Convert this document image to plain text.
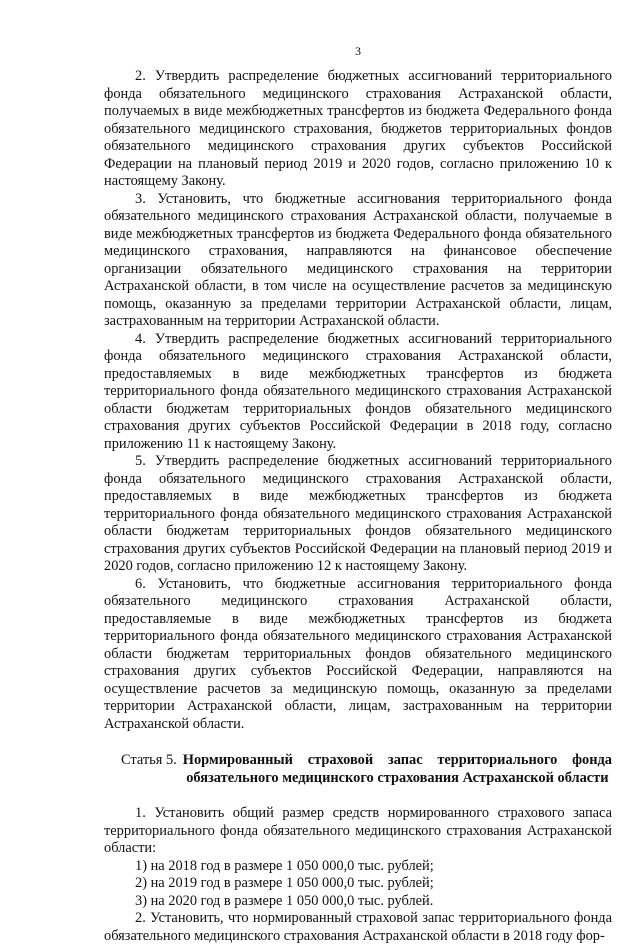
3

2. Утвердить распределение бюджетных ассигнований территориального фонда обязательного медицинского страхования Астраханской области, получаемых в виде межбюджетных трансфертов из бюджета Федерального фонда обязательного медицинского страхования, бюджетов территориальных фондов обязательного медицинского страхования других субъектов Российской Федерации на плановый период 2019 и 2020 годов, согласно приложению 10 к настоящему Закону.

3. Установить, что бюджетные ассигнования территориального фонда обязательного медицинского страхования Астраханской области, получаемые в виде межбюджетных трансфертов из бюджета Федерального фонда обязательного медицинского страхования, направляются на финансовое обеспечение организации обязательного медицинского страхования на территории Астраханской области, в том числе на осуществление расчетов за медицинскую помощь, оказанную за пределами территории Астраханской области, лицам, застрахованным на территории Астраханской области.

4. Утвердить распределение бюджетных ассигнований территориального фонда обязательного медицинского страхования Астраханской области, предоставляемых в виде межбюджетных трансфертов из бюджета территориального фонда обязательного медицинского страхования Астраханской области бюджетам территориальных фондов обязательного медицинского страхования других субъектов Российской Федерации в 2018 году, согласно приложению 11 к настоящему Закону.

5. Утвердить распределение бюджетных ассигнований территориального фонда обязательного медицинского страхования Астраханской области, предоставляемых в виде межбюджетных трансфертов из бюджета территориального фонда обязательного медицинского страхования Астраханской области бюджетам территориальных фондов обязательного медицинского страхования других субъектов Российской Федерации на плановый период 2019 и 2020 годов, согласно приложению 12 к настоящему Закону.

6. Установить, что бюджетные ассигнования территориального фонда обязательного медицинского страхования Астраханской области, предоставляемые в виде межбюджетных трансфертов из бюджета территориального фонда обязательного медицинского страхования Астраханской области бюджетам территориальных фондов обязательного медицинского страхования других субъектов Российской Федерации, направляются на осуществление расчетов за медицинскую помощь, оказанную за пределами территории Астраханской области, лицам, застрахованным на территории Астраханской области.

Статья 5. Нормированный страховой запас территориального фонда обязательного медицинского страхования Астраханской области

1. Установить общий размер средств нормированного страхового запаса территориального фонда обязательного медицинского страхования Астраханской области:

1) на 2018 год в размере 1 050 000,0 тыс. рублей;

2) на 2019 год в размере 1 050 000,0 тыс. рублей;

3) на 2020 год в размере 1 050 000,0 тыс. рублей.

2. Установить, что нормированный страховой запас территориального фонда обязательного медицинского страхования Астраханской области в 2018 году фор-
